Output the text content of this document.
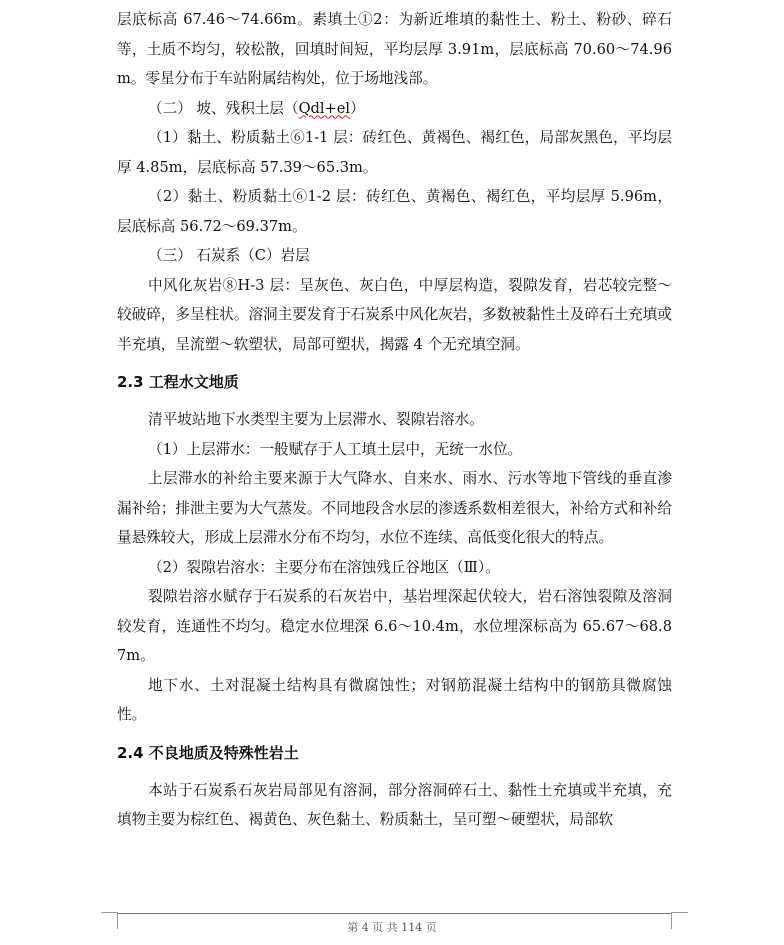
层底标高 67.46～74.66m。素填土①2：为新近堆填的黏性土、粉土、粉砂、碎石等，土质不均匀，较松散，回填时间短，平均层厚 3.91m，层底标高 70.60～74.96m。零星分布于车站附属结构处，位于场地浅部。

（二） 坡、残积土层（Qdl+el）

（1）黏土、粉质黏土⑥1-1 层：砖红色、黄褐色、褐红色，局部灰黑色，平均层厚 4.85m，层底标高 57.39～65.3m。

（2）黏土、粉质黏土⑥1-2 层：砖红色、黄褐色、褐红色，平均层厚 5.96m，层底标高 56.72～69.37m。

（三） 石炭系（C）岩层

中风化灰岩⑧H-3 层：呈灰色、灰白色，中厚层构造，裂隙发育，岩芯较完整～较破碎，多呈柱状。溶洞主要发育于石炭系中风化灰岩，多数被黏性土及碎石土充填或半充填，呈流塑～软塑状，局部可塑状，揭露 4 个无充填空洞。

2.3 工程水文地质

清平坡站地下水类型主要为上层滞水、裂隙岩溶水。

（1）上层滞水：一般赋存于人工填土层中，无统一水位。

上层滞水的补给主要来源于大气降水、自来水、雨水、污水等地下管线的垂直渗漏补给；排泄主要为大气蒸发。不同地段含水层的渗透系数相差很大，补给方式和补给量悬殊较大，形成上层滞水分布不均匀，水位不连续、高低变化很大的特点。

（2）裂隙岩溶水：主要分布在溶蚀残丘谷地区（Ⅲ）。

裂隙岩溶水赋存于石炭系的石灰岩中，基岩埋深起伏较大，岩石溶蚀裂隙及溶洞较发育，连通性不均匀。稳定水位埋深 6.6～10.4m，水位埋深标高为 65.67～68.87m。

地下水、土对混凝土结构具有微腐蚀性；对钢筋混凝土结构中的钢筋具微腐蚀性。

2.4 不良地质及特殊性岩土

本站于石炭系石灰岩局部见有溶洞，部分溶洞碎石土、黏性土充填或半充填，充填物主要为棕红色、褐黄色、灰色黏土、粉质黏土，呈可塑～硬塑状，局部软

第 4 页 共 114 页
